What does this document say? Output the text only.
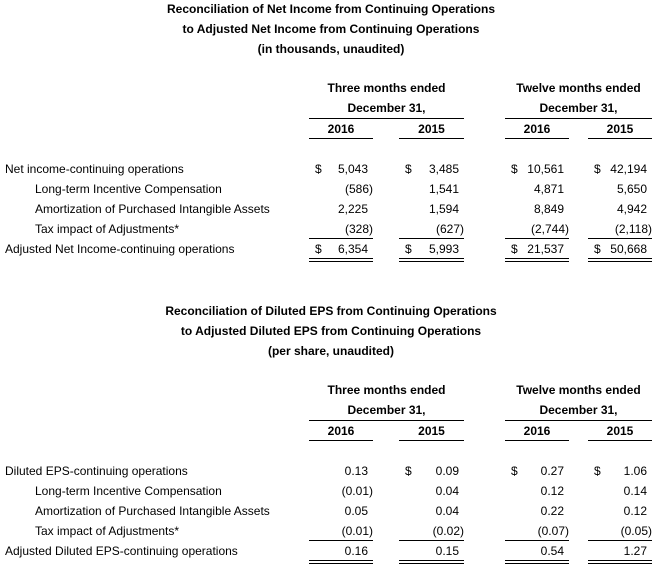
Reconciliation of Net Income from Continuing Operations
to Adjusted Net Income from Continuing Operations
(in thousands, unaudited)
Three months ended
December 31,
Twelve months ended
December 31,
2016	2015	2016	2015
Net income-continuing operations	$	5,043	$	3,485	$ 10,561	$ 42,194
Long-term Incentive Compensation	(586)	1,541	4,871	5,650
Amortization of Purchased Intangible Assets	2,225	1,594	8,849	4,942
Tax impact of Adjustments*	(328)	(627)	(2,744)	(2,118)
Adjusted Net Income-continuing operations	$	6,354	$	5,993	$ 21,537	$ 50,668
Reconciliation of Diluted EPS from Continuing Operations
to Adjusted Diluted EPS from Continuing Operations
(per share, unaudited)
Three months ended
December 31,
Twelve months ended
December 31,
2016	2015	2016	2015
Diluted EPS-continuing operations	0.13	$	0.09	$	0.27	$	1.06
Long-term Incentive Compensation	(0.01)	0.04	0.12	0.14
Amortization of Purchased Intangible Assets	0.05	0.04	0.22	0.12
Tax impact of Adjustments*	(0.01)	(0.02)	(0.07)	(0.05)
Adjusted Diluted EPS-continuing operations	0.16	0.15	0.54	1.27
